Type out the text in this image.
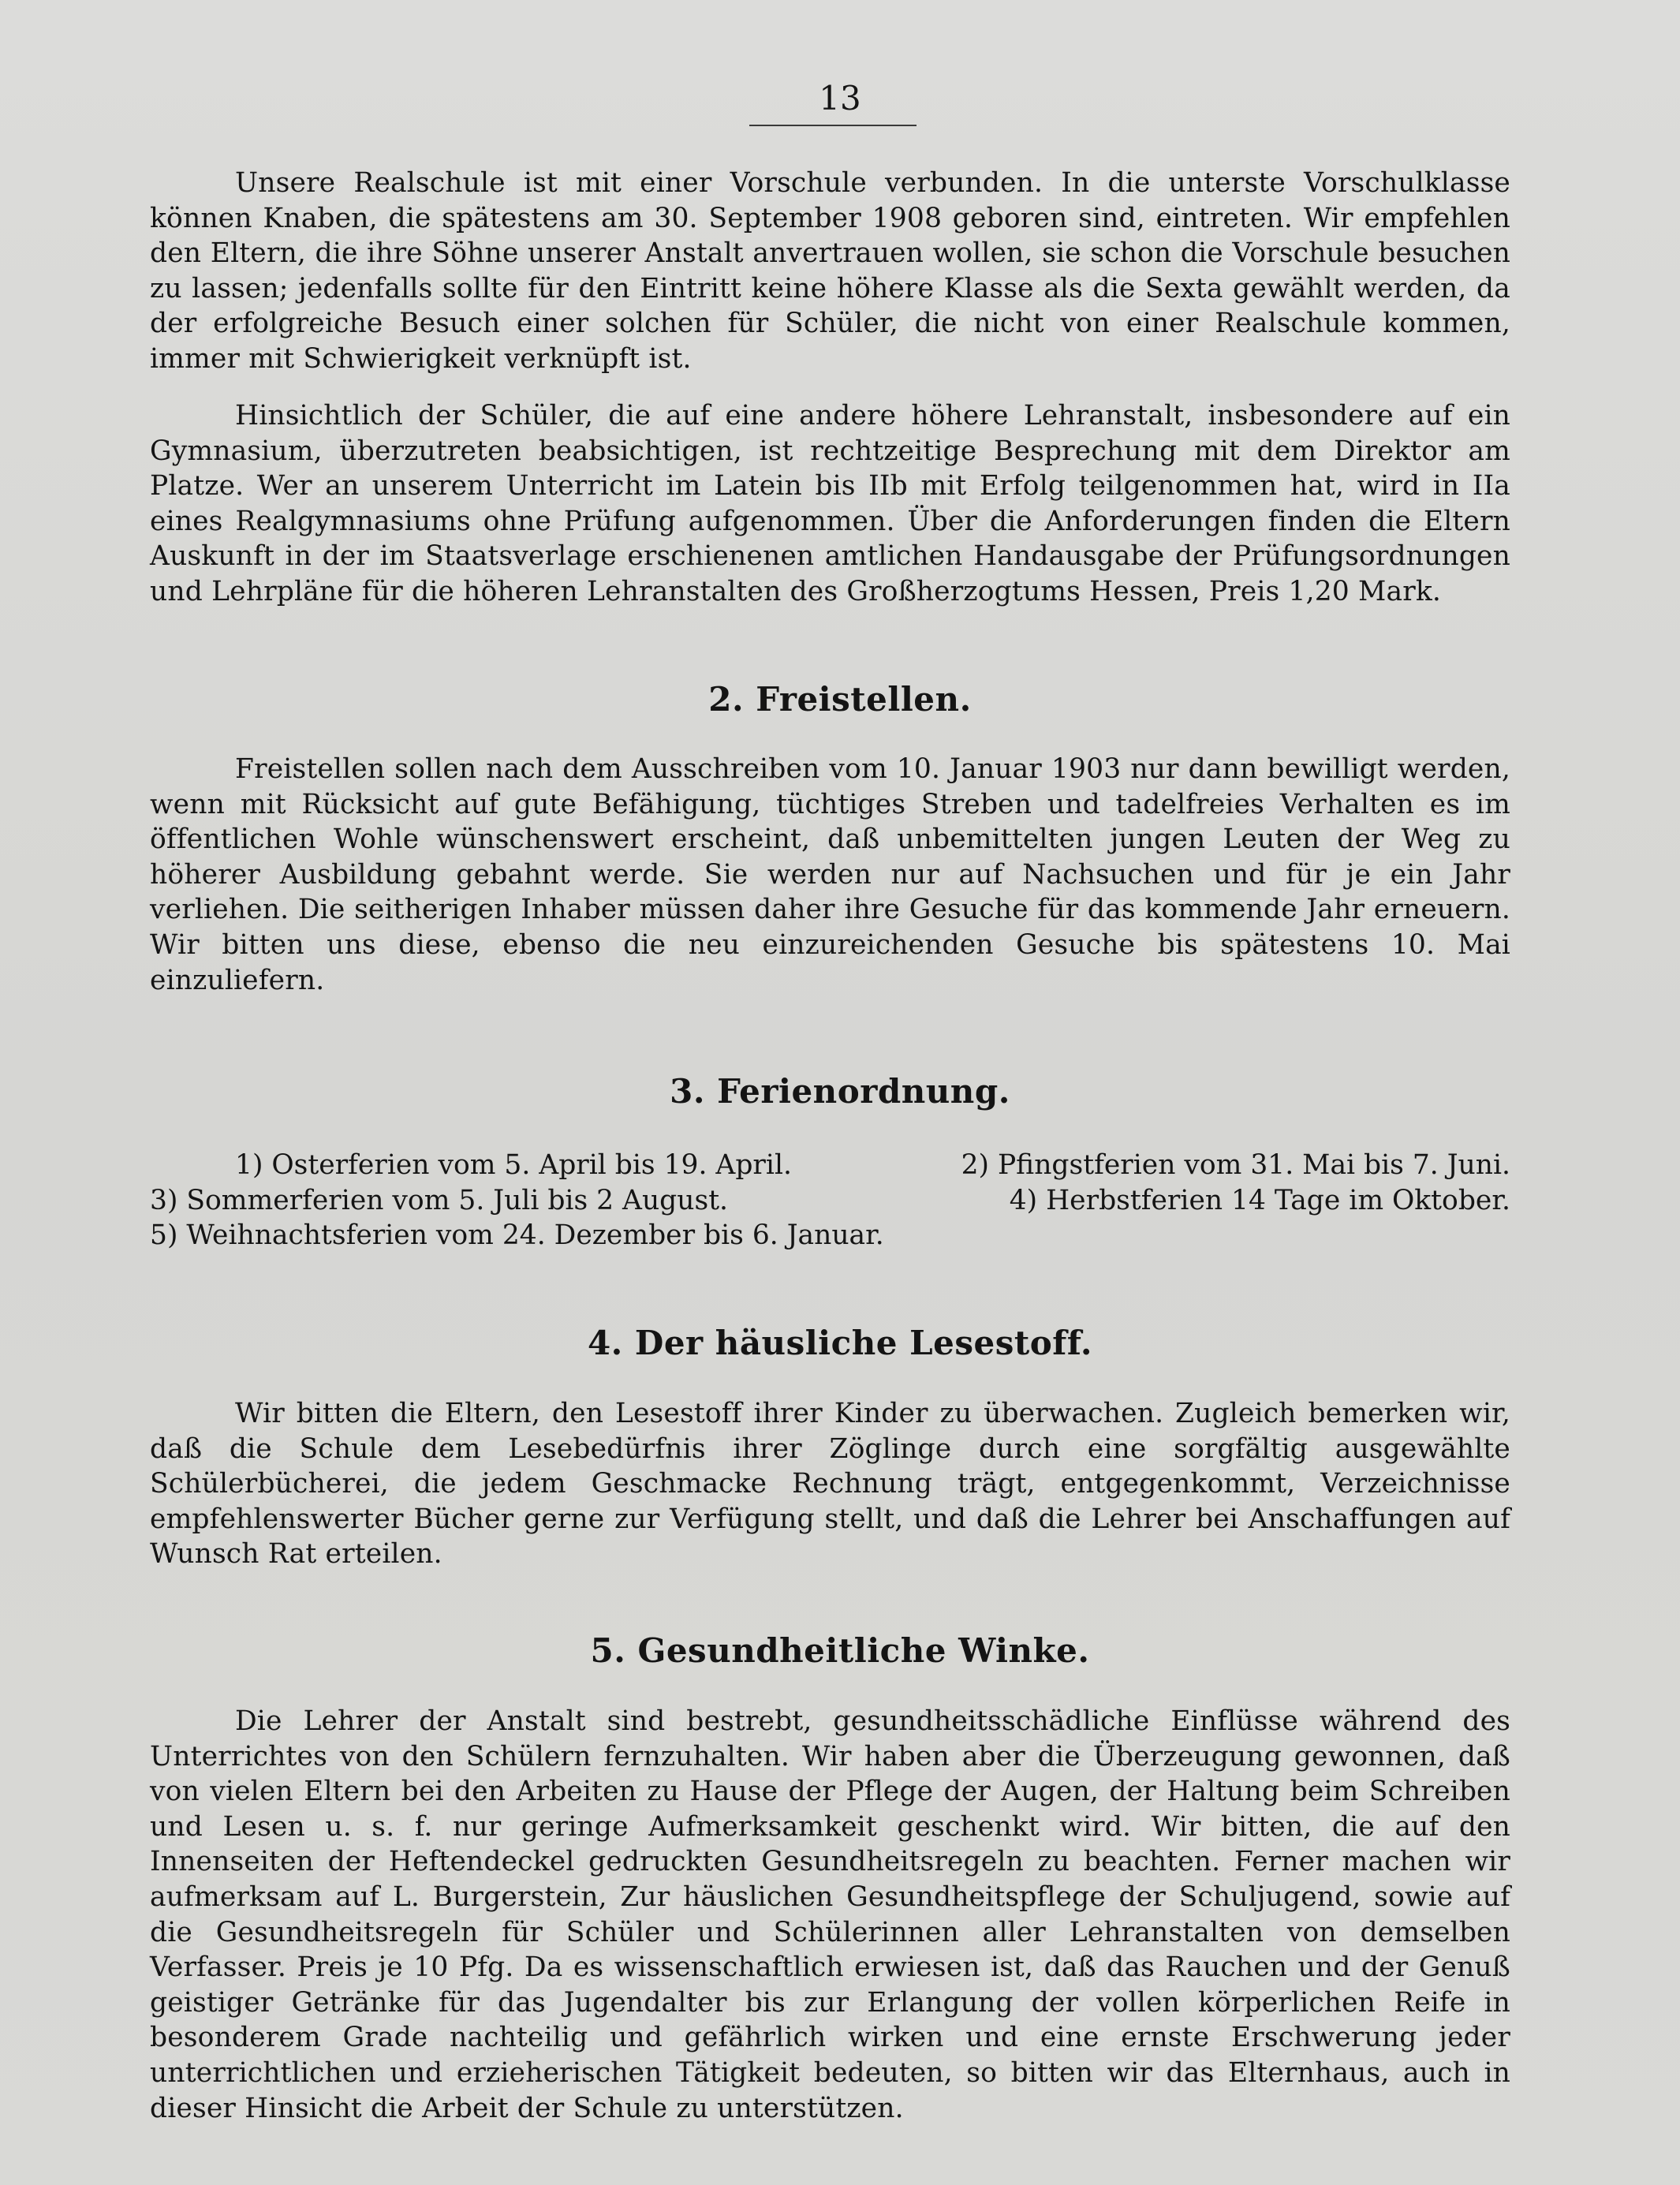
13

Unsere Realschule ist mit einer Vorschule verbunden. In die unterste Vorschulklasse können Knaben, die spätestens am 30. September 1908 geboren sind, eintreten. Wir empfehlen den Eltern, die ihre Söhne unserer Anstalt anvertrauen wollen, sie schon die Vorschule besuchen zu lassen; jedenfalls sollte für den Eintritt keine höhere Klasse als die Sexta gewählt werden, da der erfolgreiche Besuch einer solchen für Schüler, die nicht von einer Realschule kommen, immer mit Schwierigkeit verknüpft ist.

Hinsichtlich der Schüler, die auf eine andere höhere Lehranstalt, insbesondere auf ein Gymnasium, überzutreten beabsichtigen, ist rechtzeitige Besprechung mit dem Direktor am Platze. Wer an unserem Unterricht im Latein bis IIb mit Erfolg teilgenommen hat, wird in IIa eines Realgymnasiums ohne Prüfung aufgenommen. Über die Anforderungen finden die Eltern Auskunft in der im Staatsverlage erschienenen amtlichen Handausgabe der Prüfungsordnungen und Lehrpläne für die höheren Lehranstalten des Großherzogtums Hessen, Preis 1,20 Mark.

2. Freistellen.

Freistellen sollen nach dem Ausschreiben vom 10. Januar 1903 nur dann bewilligt werden, wenn mit Rücksicht auf gute Befähigung, tüchtiges Streben und tadelfreies Verhalten es im öffentlichen Wohle wünschenswert erscheint, daß unbemittelten jungen Leuten der Weg zu höherer Ausbildung gebahnt werde. Sie werden nur auf Nachsuchen und für je ein Jahr verliehen. Die seitherigen Inhaber müssen daher ihre Gesuche für das kommende Jahr erneuern. Wir bitten uns diese, ebenso die neu einzureichenden Gesuche bis spätestens 10. Mai einzuliefern.

3. Ferienordnung.
1) Osterferien vom 5. April bis 19. April.	2) Pfingstferien vom 31. Mai bis 7. Juni.
3) Sommerferien vom 5. Juli bis 2 August.	4) Herbstferien 14 Tage im Oktober.
5) Weihnachtsferien vom 24. Dezember bis 6. Januar.
4. Der häusliche Lesestoff.

Wir bitten die Eltern, den Lesestoff ihrer Kinder zu überwachen. Zugleich bemerken wir, daß die Schule dem Lesebedürfnis ihrer Zöglinge durch eine sorgfältig ausgewählte Schülerbücherei, die jedem Geschmacke Rechnung trägt, entgegenkommt, Verzeichnisse empfehlenswerter Bücher gerne zur Verfügung stellt, und daß die Lehrer bei Anschaffungen auf Wunsch Rat erteilen.

5. Gesundheitliche Winke.

Die Lehrer der Anstalt sind bestrebt, gesundheitsschädliche Einflüsse während des Unterrichtes von den Schülern fernzuhalten. Wir haben aber die Überzeugung gewonnen, daß von vielen Eltern bei den Arbeiten zu Hause der Pflege der Augen, der Haltung beim Schreiben und Lesen u. s. f. nur geringe Aufmerksamkeit geschenkt wird. Wir bitten, die auf den Innenseiten der Heftendeckel gedruckten Gesundheitsregeln zu beachten. Ferner machen wir aufmerksam auf L. Burgerstein, Zur häuslichen Gesundheitspflege der Schuljugend, sowie auf die Gesundheitsregeln für Schüler und Schülerinnen aller Lehranstalten von demselben Verfasser. Preis je 10 Pfg. Da es wissenschaftlich erwiesen ist, daß das Rauchen und der Genuß geistiger Getränke für das Jugendalter bis zur Erlangung der vollen körperlichen Reife in besonderem Grade nachteilig und gefährlich wirken und eine ernste Erschwerung jeder unterrichtlichen und erzieherischen Tätigkeit bedeuten, so bitten wir das Elternhaus, auch in dieser Hinsicht die Arbeit der Schule zu unterstützen.
